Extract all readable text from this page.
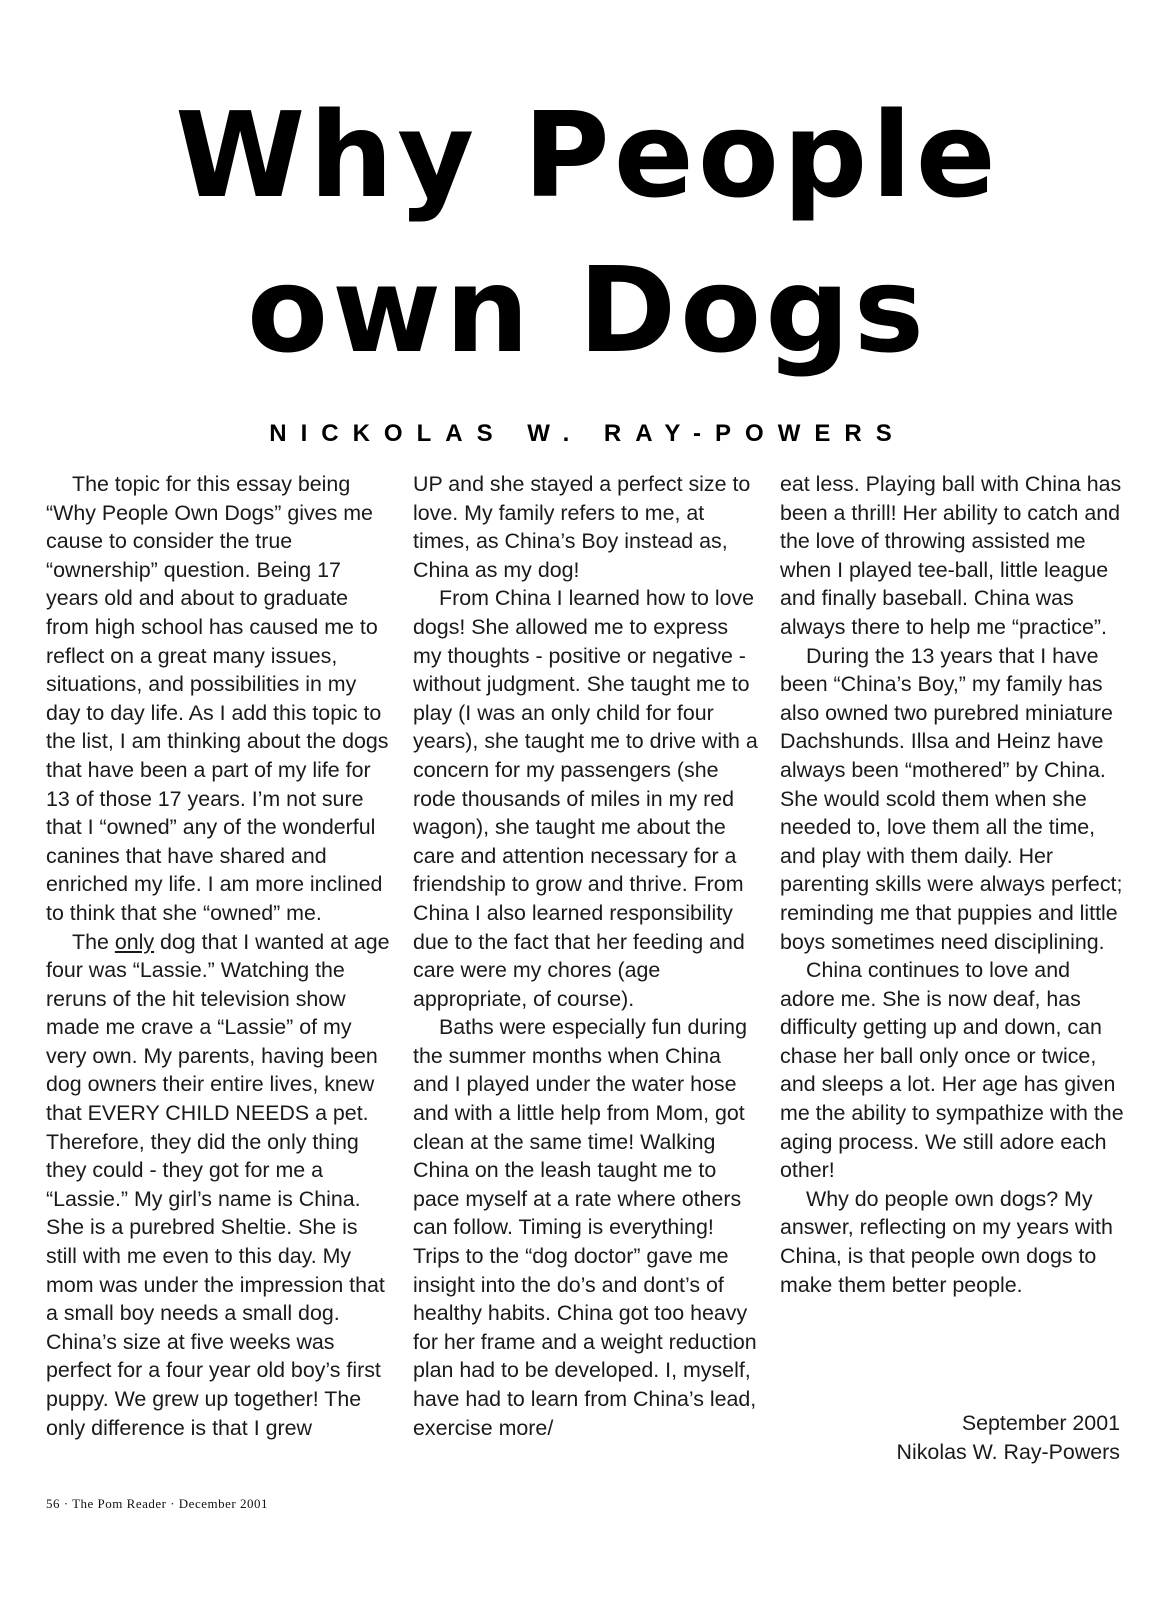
Why People
own Dogs
NICKOLAS W. RAY-POWERS

The topic for this essay being “Why People Own Dogs” gives me cause to consider the true “ownership” question. Being 17 years old and about to graduate from high school has caused me to reflect on a great many issues, situations, and possibilities in my day to day life. As I add this topic to the list, I am thinking about the dogs that have been a part of my life for 13 of those 17 years. I’m not sure that I “owned” any of the wonderful canines that have shared and enriched my life. I am more inclined to think that she “owned” me.

The only dog that I wanted at age four was “Lassie.” Watching the reruns of the hit television show made me crave a “Lassie” of my very own. My parents, having been dog owners their entire lives, knew that EVERY CHILD NEEDS a pet. Therefore, they did the only thing they could - they got for me a “Lassie.” My girl’s name is China. She is a purebred Sheltie. She is still with me even to this day. My mom was under the impression that a small boy needs a small dog. China’s size at five weeks was perfect for a four year old boy’s first puppy. We grew up together! The only difference is that I grew

UP and she stayed a perfect size to love. My family refers to me, at times, as China’s Boy instead as, China as my dog!

From China I learned how to love dogs! She allowed me to express my thoughts - positive or negative - without judgment. She taught me to play (I was an only child for four years), she taught me to drive with a concern for my passengers (she rode thousands of miles in my red wagon), she taught me about the care and attention necessary for a friendship to grow and thrive. From China I also learned responsibility due to the fact that her feeding and care were my chores (age appropriate, of course).

Baths were especially fun during the summer months when China and I played under the water hose and with a little help from Mom, got clean at the same time! Walking China on the leash taught me to pace myself at a rate where others can follow. Timing is everything! Trips to the “dog doctor” gave me insight into the do’s and dont’s of healthy habits. China got too heavy for her frame and a weight reduction plan had to be developed. I, myself, have had to learn from China’s lead, exercise more/

eat less. Playing ball with China has been a thrill! Her ability to catch and the love of throwing assisted me when I played tee-ball, little league and finally baseball. China was always there to help me “practice”.

During the 13 years that I have been “China’s Boy,” my family has also owned two purebred miniature Dachshunds. Illsa and Heinz have always been “mothered” by China. She would scold them when she needed to, love them all the time, and play with them daily. Her parenting skills were always perfect; reminding me that puppies and little boys sometimes need disciplining.

China continues to love and adore me. She is now deaf, has difficulty getting up and down, can chase her ball only once or twice, and sleeps a lot. Her age has given me the ability to sympathize with the aging process. We still adore each other!

Why do people own dogs? My answer, reflecting on my years with China, is that people own dogs to make them better people.

September 2001
Nikolas W. Ray-Powers
56 · The Pom Reader · December 2001
